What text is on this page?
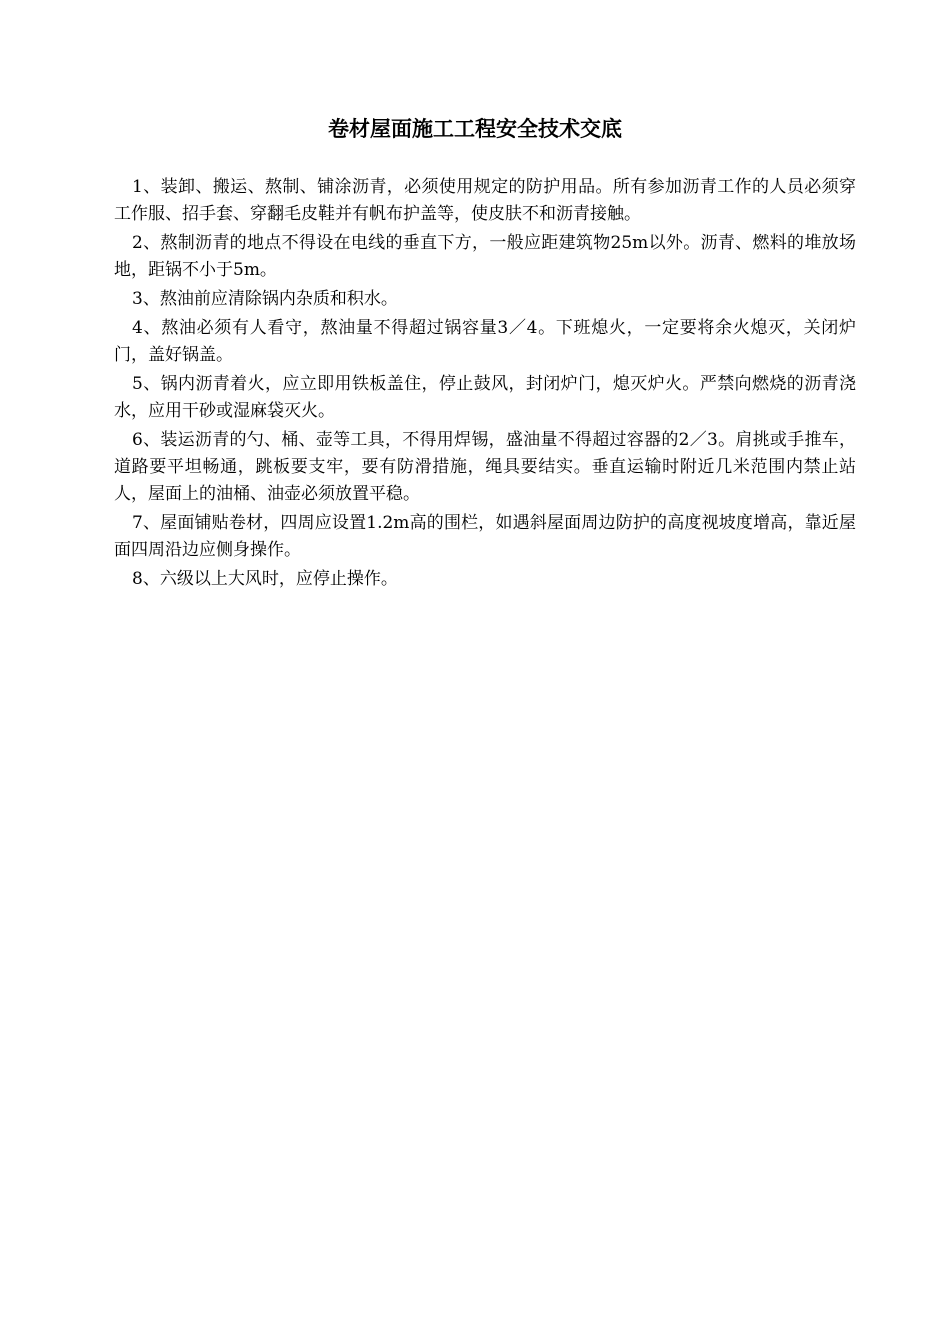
卷材屋面施工工程安全技术交底

1、装卸、搬运、熬制、铺涂沥青，必须使用规定的防护用品。所有参加沥青工作的人员必须穿工作服、招手套、穿翻毛皮鞋并有帆布护盖等，使皮肤不和沥青接触。

2、熬制沥青的地点不得设在电线的垂直下方，一般应距建筑物25m以外。沥青、燃料的堆放场地，距锅不小于5m。

3、熬油前应清除锅内杂质和积水。

4、熬油必须有人看守，熬油量不得超过锅容量3／4。下班熄火，一定要将余火熄灭，关闭炉门，盖好锅盖。

5、锅内沥青着火，应立即用铁板盖住，停止鼓风，封闭炉门，熄灭炉火。严禁向燃烧的沥青浇水，应用干砂或湿麻袋灭火。

6、装运沥青的勺、桶、壶等工具，不得用焊锡，盛油量不得超过容器的2／3。肩挑或手推车，道路要平坦畅通，跳板要支牢，要有防滑措施，绳具要结实。垂直运输时附近几米范围内禁止站人，屋面上的油桶、油壶必须放置平稳。

7、屋面铺贴卷材，四周应设置1.2m高的围栏，如遇斜屋面周边防护的高度视坡度增高，靠近屋面四周沿边应侧身操作。

8、六级以上大风时，应停止操作。
